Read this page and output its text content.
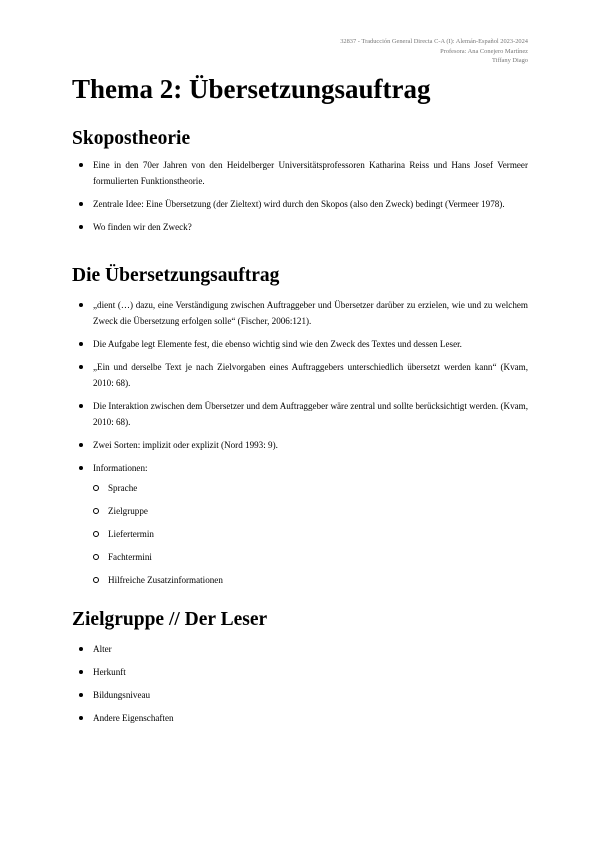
32837 - Traducción General Directa C-A (I): Alemán-Español 2023-2024
Profesora: Ana Conejero Martínez
Tiffany Diago
Thema 2: Übersetzungsauftrag
Skopostheorie
Eine in den 70er Jahren von den Heidelberger Universitätsprofessoren Katharina Reiss und Hans Josef Vermeer formulierten Funktionstheorie.
Zentrale Idee: Eine Übersetzung (der Zieltext) wird durch den Skopos (also den Zweck) bedingt (Vermeer 1978).
Wo finden wir den Zweck?
Die Übersetzungsauftrag
„dient (…) dazu, eine Verständigung zwischen Auftraggeber und Übersetzer darüber zu erzielen, wie und zu welchem Zweck die Übersetzung erfolgen solle“ (Fischer, 2006:121).
Die Aufgabe legt Elemente fest, die ebenso wichtig sind wie den Zweck des Textes und dessen Leser.
„Ein und derselbe Text je nach Zielvorgaben eines Auftraggebers unterschiedlich übersetzt werden kann“ (Kvam, 2010: 68).
Die Interaktion zwischen dem Übersetzer und dem Auftraggeber wäre zentral und sollte berücksichtigt werden. (Kvam, 2010: 68).
Zwei Sorten: implizit oder explizit (Nord 1993: 9).
Informationen:
Sprache
Zielgruppe
Liefertermin
Fachtermini
Hilfreiche Zusatzinformationen
Zielgruppe // Der Leser
Alter
Herkunft
Bildungsniveau
Andere Eigenschaften
